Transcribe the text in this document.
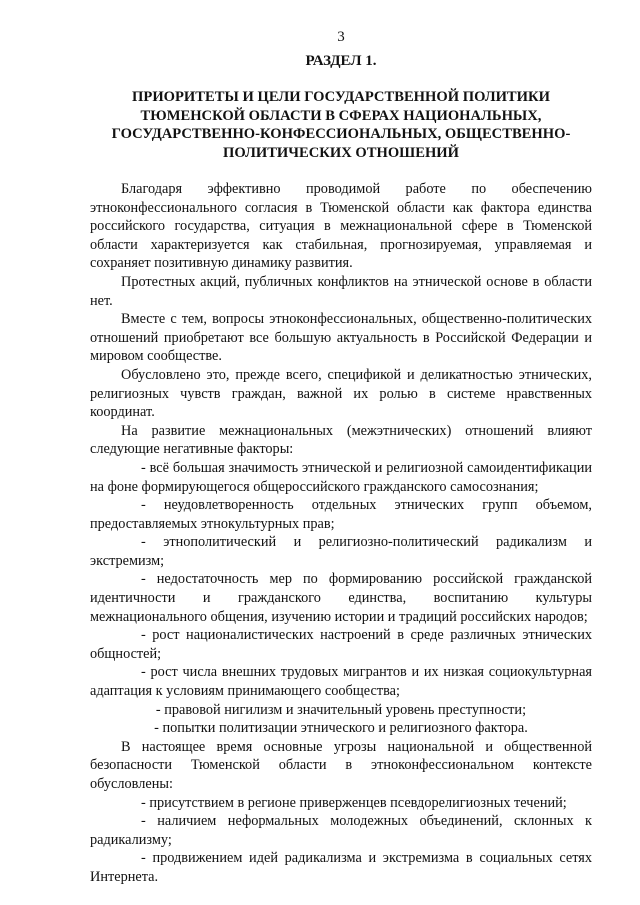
3
РАЗДЕЛ 1.
ПРИОРИТЕТЫ И ЦЕЛИ ГОСУДАРСТВЕННОЙ ПОЛИТИКИ
ТЮМЕНСКОЙ ОБЛАСТИ В СФЕРАХ НАЦИОНАЛЬНЫХ,
ГОСУДАРСТВЕННО-КОНФЕССИОНАЛЬНЫХ, ОБЩЕСТВЕННО-
ПОЛИТИЧЕСКИХ ОТНОШЕНИЙ

Благодаря эффективно проводимой работе по обеспечению этноконфессионального согласия в Тюменской области как фактора единства российского государства, ситуация в межнациональной сфере в Тюменской области характеризуется как стабильная, прогнозируемая, управляемая и сохраняет позитивную динамику развития.

Протестных акций, публичных конфликтов на этнической основе в области нет.

Вместе с тем, вопросы этноконфессиональных, общественно-политических отношений приобретают все большую актуальность в Российской Федерации и мировом сообществе.

Обусловлено это, прежде всего, спецификой и деликатностью этнических, религиозных чувств граждан, важной их ролью в системе нравственных координат.

На развитие межнациональных (межэтнических) отношений влияют следующие негативные факторы:

- всё большая значимость этнической и религиозной самоидентификации на фоне формирующегося общероссийского гражданского самосознания;

- неудовлетворенность отдельных этнических групп объемом, предоставляемых этнокультурных прав;

- этнополитический и религиозно-политический радикализм и экстремизм;

- недостаточность мер по формированию российской гражданской идентичности и гражданского единства, воспитанию культуры межнационального общения, изучению истории и традиций российских народов;

- рост националистических настроений в среде различных этнических общностей;

- рост числа внешних трудовых мигрантов и их низкая социокультурная адаптация к условиям принимающего сообщества;

- правовой нигилизм и значительный уровень преступности;

- попытки политизации этнического и религиозного фактора.

В настоящее время основные угрозы национальной и общественной безопасности Тюменской области в этноконфессиональном контексте обусловлены:

- присутствием в регионе приверженцев псевдорелигиозных течений;

- наличием неформальных молодежных объединений, склонных к радикализму;

- продвижением идей радикализма и экстремизма в социальных сетях Интернета.
